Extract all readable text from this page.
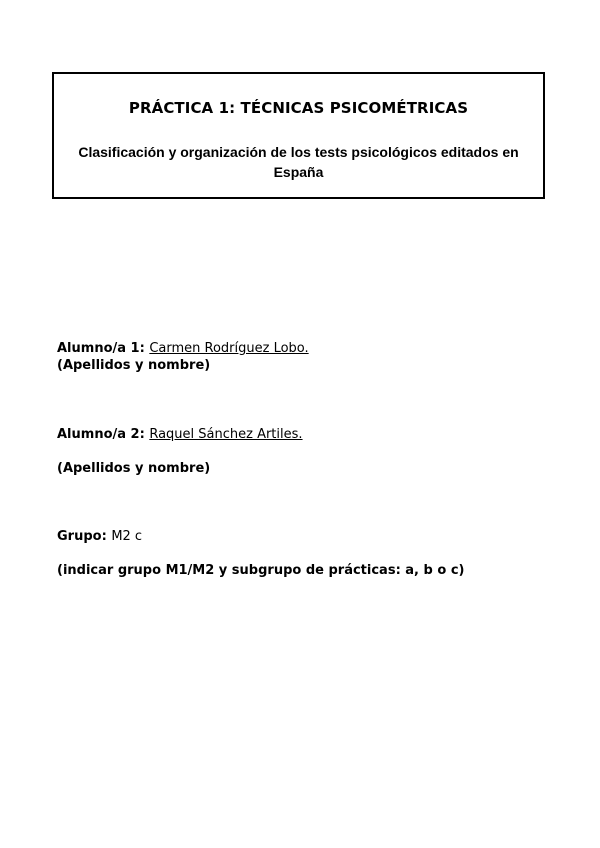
PRÁCTICA 1: TÉCNICAS PSICOMÉTRICAS
Clasificación y organización de los tests psicológicos editados en España
Alumno/a 1: Carmen Rodríguez Lobo.
(Apellidos y nombre)
Alumno/a 2: Raquel Sánchez Artiles.
(Apellidos y nombre)
Grupo: M2 c
(indicar grupo M1/M2 y subgrupo de prácticas: a, b o c)
